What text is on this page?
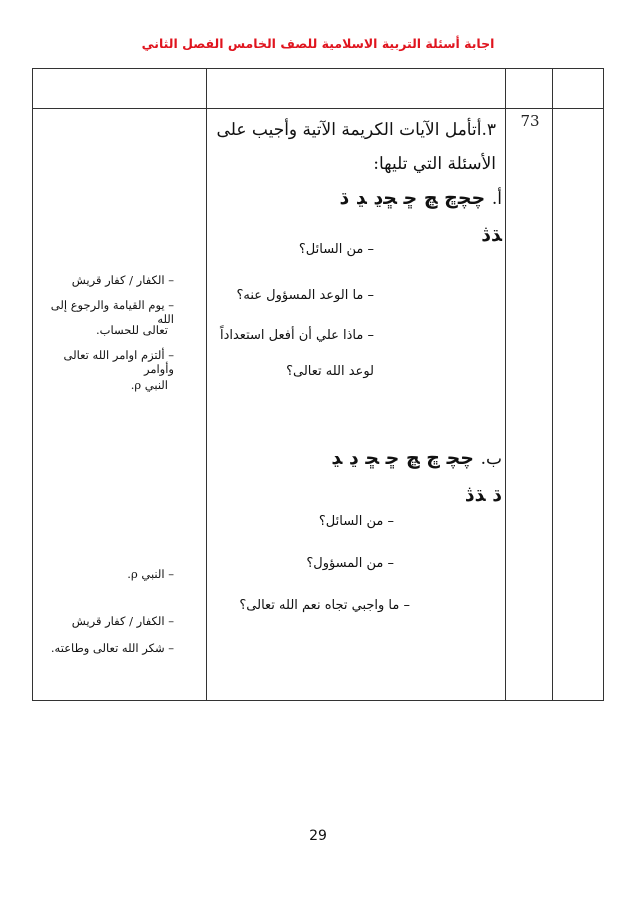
اجابة أسئلة التربية الاسلامية للصف الخامس الفصل الثاني
73
٣.أتأمل الآيات الكريمة الآتية وأجيب على
الأسئلة التي تليها:
أ. ﭼﭽﭾ ﭿ ﮀ ﮁﮂ ﮃ ﮄ
ﮅﮆ
– من السائل؟
– ما الوعد المسؤول عنه؟
– ماذا علي أن أفعل استعداداً
لوعد الله تعالى؟
ب. ﭼﭽ ﭾ ﭿ ﮀ ﮁ ﮂ ﮃ
ﮄ ﮅﮆ
– من السائل؟
– من المسؤول؟
– ما واجبي تجاه نعم الله تعالى؟
– الكفار / كفار قريش
– يوم القيامة والرجوع إلى الله
تعالى للحساب.
– ألتزم اوامر الله تعالى وأوامر
النبي ρ.
– النبي ρ.
– الكفار / كفار قريش
– شكر الله تعالى وطاعته.
29
